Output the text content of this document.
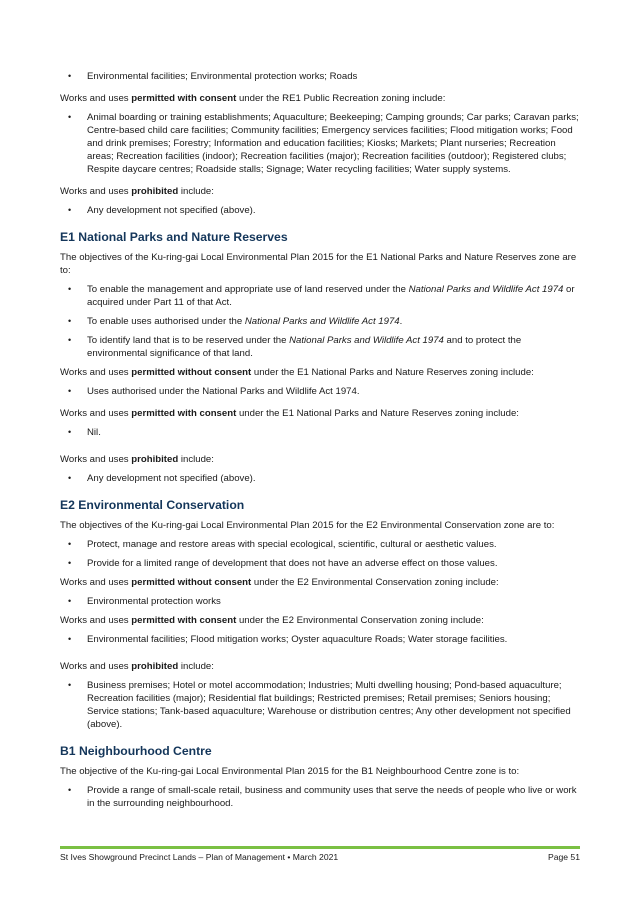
• Environmental facilities; Environmental protection works; Roads

Works and uses permitted with consent under the RE1 Public Recreation zoning include:

• Animal boarding or training establishments; Aquaculture; Beekeeping; Camping grounds; Car parks; Caravan parks; Centre-based child care facilities; Community facilities; Emergency services facilities; Flood mitigation works; Food and drink premises; Forestry; Information and education facilities; Kiosks; Markets; Plant nurseries; Recreation areas; Recreation facilities (indoor); Recreation facilities (major); Recreation facilities (outdoor); Registered clubs; Respite daycare centres; Roadside stalls; Signage; Water recycling facilities; Water supply systems.

Works and uses prohibited include:

• Any development not specified (above).
E1 National Parks and Nature Reserves

The objectives of the Ku-ring-gai Local Environmental Plan 2015 for the E1 National Parks and Nature Reserves zone are to:

• To enable the management and appropriate use of land reserved under the National Parks and Wildlife Act 1974 or acquired under Part 11 of that Act.
• To enable uses authorised under the National Parks and Wildlife Act 1974.
• To identify land that is to be reserved under the National Parks and Wildlife Act 1974 and to protect the environmental significance of that land.

Works and uses permitted without consent under the E1 National Parks and Nature Reserves zoning include:

• Uses authorised under the National Parks and Wildlife Act 1974.

Works and uses permitted with consent under the E1 National Parks and Nature Reserves zoning include:

• Nil.

Works and uses prohibited include:

• Any development not specified (above).
E2 Environmental Conservation

The objectives of the Ku-ring-gai Local Environmental Plan 2015 for the E2 Environmental Conservation zone are to:

• Protect, manage and restore areas with special ecological, scientific, cultural or aesthetic values.
• Provide for a limited range of development that does not have an adverse effect on those values.

Works and uses permitted without consent under the E2 Environmental Conservation zoning include:

• Environmental protection works

Works and uses permitted with consent under the E2 Environmental Conservation zoning include:

• Environmental facilities; Flood mitigation works; Oyster aquaculture Roads; Water storage facilities.

Works and uses prohibited include:

• Business premises; Hotel or motel accommodation; Industries; Multi dwelling housing; Pond-based aquaculture; Recreation facilities (major); Residential flat buildings; Restricted premises; Retail premises; Seniors housing; Service stations; Tank-based aquaculture; Warehouse or distribution centres; Any other development not specified (above).
B1 Neighbourhood Centre

The objective of the Ku-ring-gai Local Environmental Plan 2015 for the B1 Neighbourhood Centre zone is to:

• Provide a range of small-scale retail, business and community uses that serve the needs of people who live or work in the surrounding neighbourhood.
St Ives Showground Precinct Lands – Plan of Management • March 2021	Page 51
